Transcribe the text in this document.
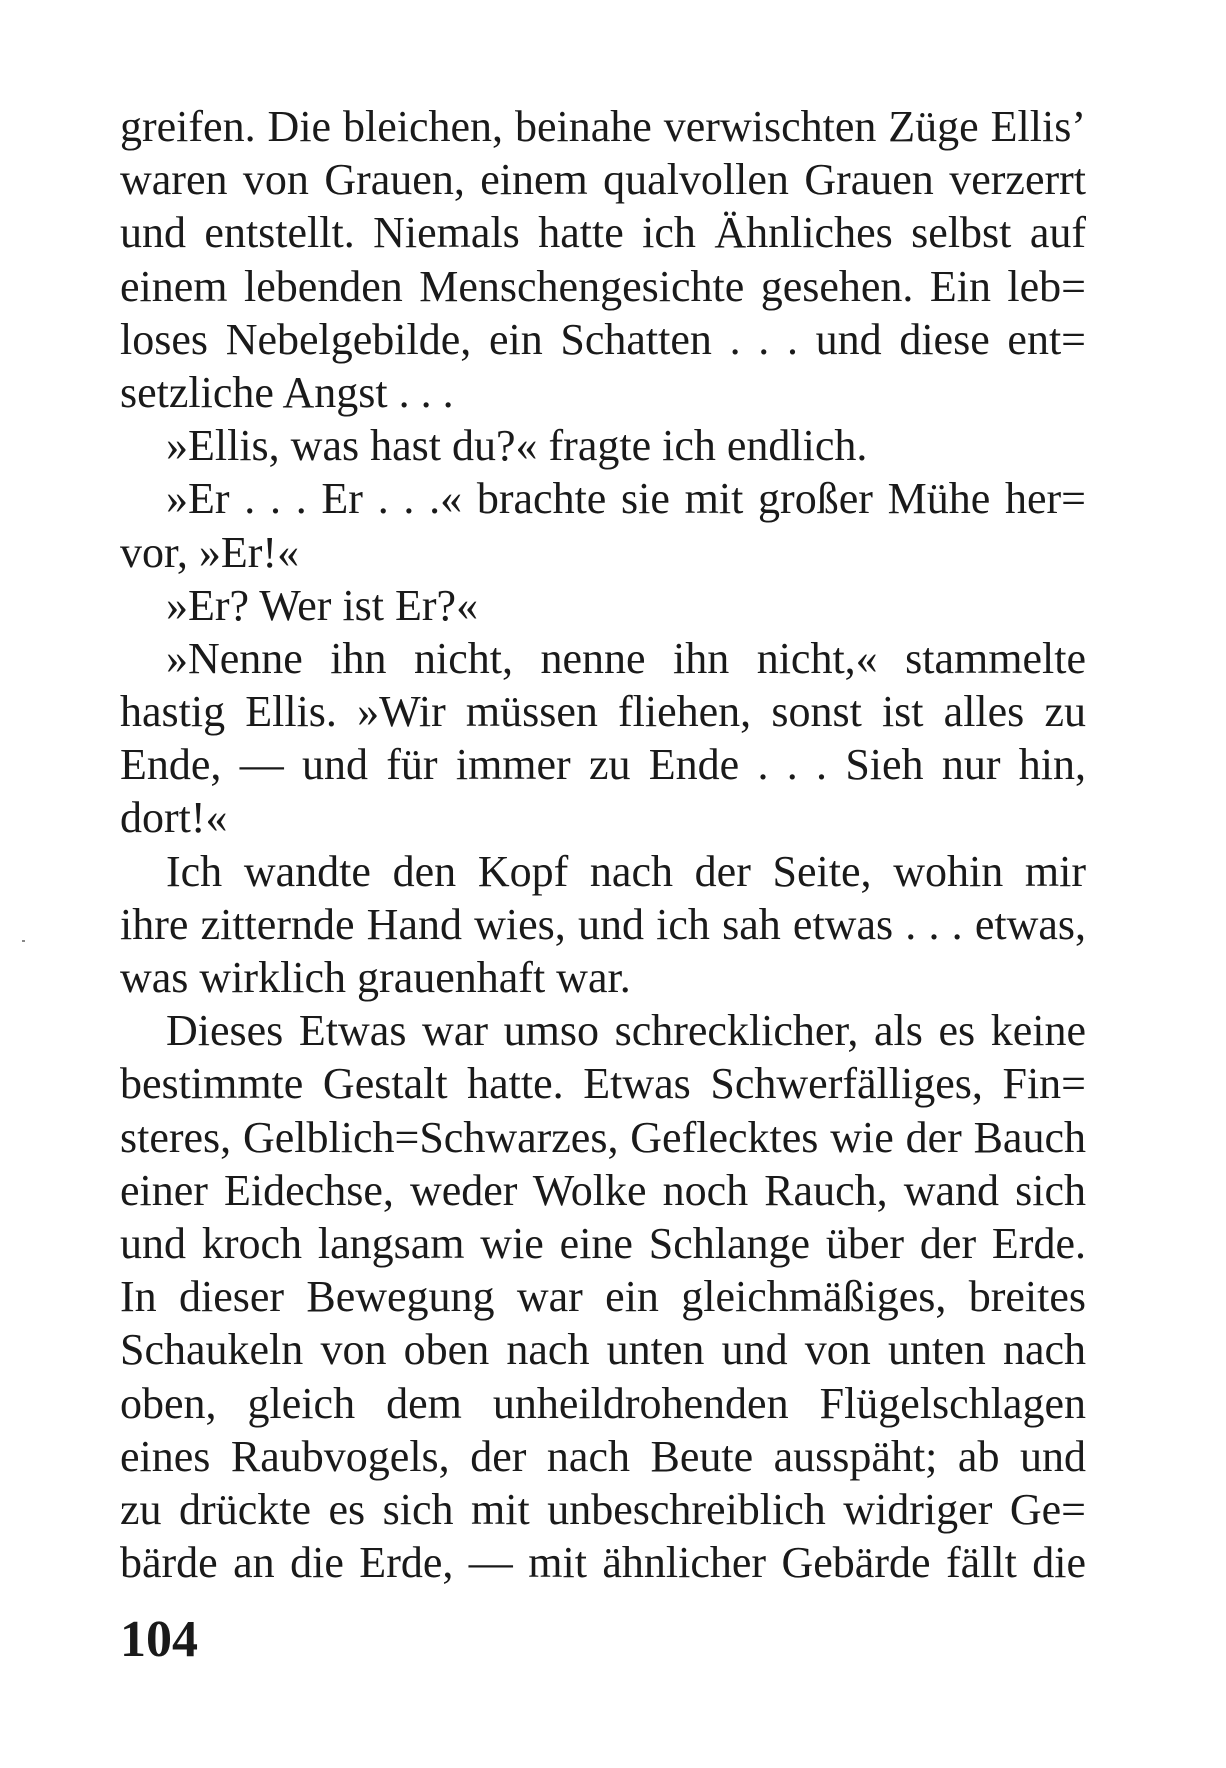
greifen. Die bleichen, beinahe verwischten Züge Ellis’
waren von Grauen, einem qualvollen Grauen verzerrt
und entstellt. Niemals hatte ich Ähnliches selbst auf
einem lebenden Menschengesichte gesehen. Ein leb=
loses Nebelgebilde, ein Schatten . . . und diese ent=
setzliche Angst . . .
»Ellis, was hast du?« fragte ich endlich.
»Er . . . Er . . .« brachte sie mit großer Mühe her=
vor, »Er!«
»Er? Wer ist Er?«
»Nenne ihn nicht, nenne ihn nicht,« stammelte
hastig Ellis. »Wir müssen fliehen, sonst ist alles zu
Ende, — und für immer zu Ende . . . Sieh nur hin,
dort!«
Ich wandte den Kopf nach der Seite, wohin mir
ihre zitternde Hand wies, und ich sah etwas . . . etwas,
was wirklich grauenhaft war.
Dieses Etwas war umso schrecklicher, als es keine
bestimmte Gestalt hatte. Etwas Schwerfälliges, Fin=
steres, Gelblich=Schwarzes, Geflecktes wie der Bauch
einer Eidechse, weder Wolke noch Rauch, wand sich
und kroch langsam wie eine Schlange über der Erde.
In dieser Bewegung war ein gleichmäßiges, breites
Schaukeln von oben nach unten und von unten nach
oben, gleich dem unheildrohenden Flügelschlagen
eines Raubvogels, der nach Beute ausspäht; ab und
zu drückte es sich mit unbeschreiblich widriger Ge=
bärde an die Erde, — mit ähnlicher Gebärde fällt die
104
